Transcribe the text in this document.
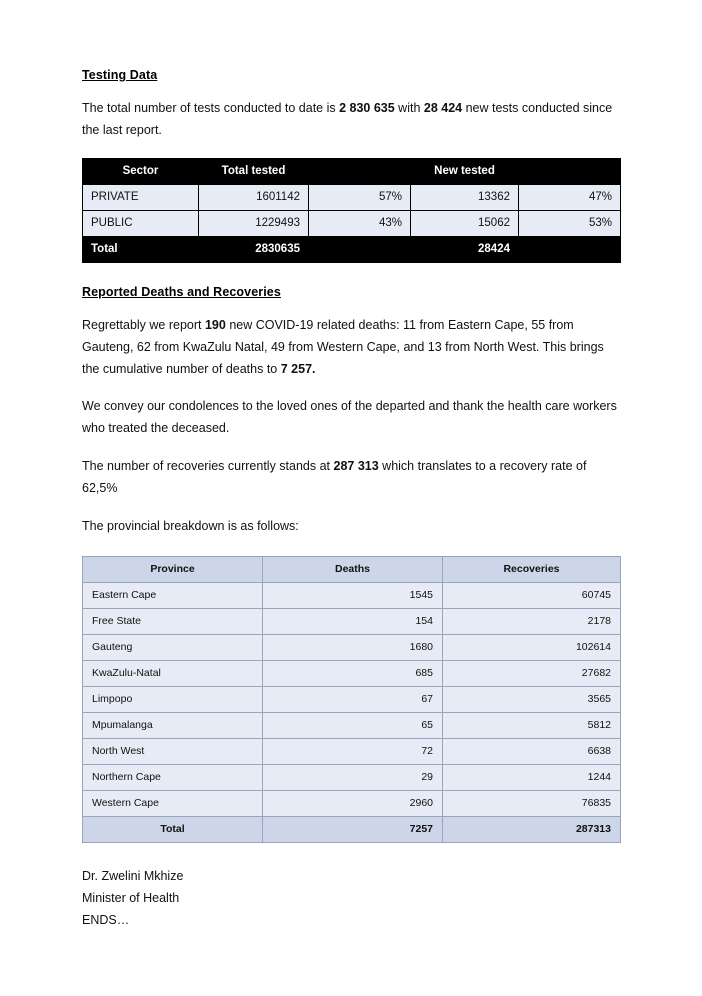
Testing Data

The total number of tests conducted to date is 2 830 635 with 28 424 new tests conducted since the last report.

Sector	Total tested		New tested	
PRIVATE	1601142	57%	13362	47%
PUBLIC	1229493	43%	15062	53%
Total	2830635		28424	
Reported Deaths and Recoveries

Regrettably we report 190 new COVID-19 related deaths: 11 from Eastern Cape, 55 from Gauteng, 62 from KwaZulu Natal, 49 from Western Cape, and 13 from North West. This brings the cumulative number of deaths to 7 257.

We convey our condolences to the loved ones of the departed and thank the health care workers who treated the deceased.

The number of recoveries currently stands at 287 313 which translates to a recovery rate of 62,5%

The provincial breakdown is as follows:

Province	Deaths	Recoveries
Eastern Cape	1545	60745
Free State	154	2178
Gauteng	1680	102614
KwaZulu-Natal	685	27682
Limpopo	67	3565
Mpumalanga	65	5812
North West	72	6638
Northern Cape	29	1244
Western Cape	2960	76835
Total	7257	287313
Dr. Zwelini Mkhize
Minister of Health
ENDS…
